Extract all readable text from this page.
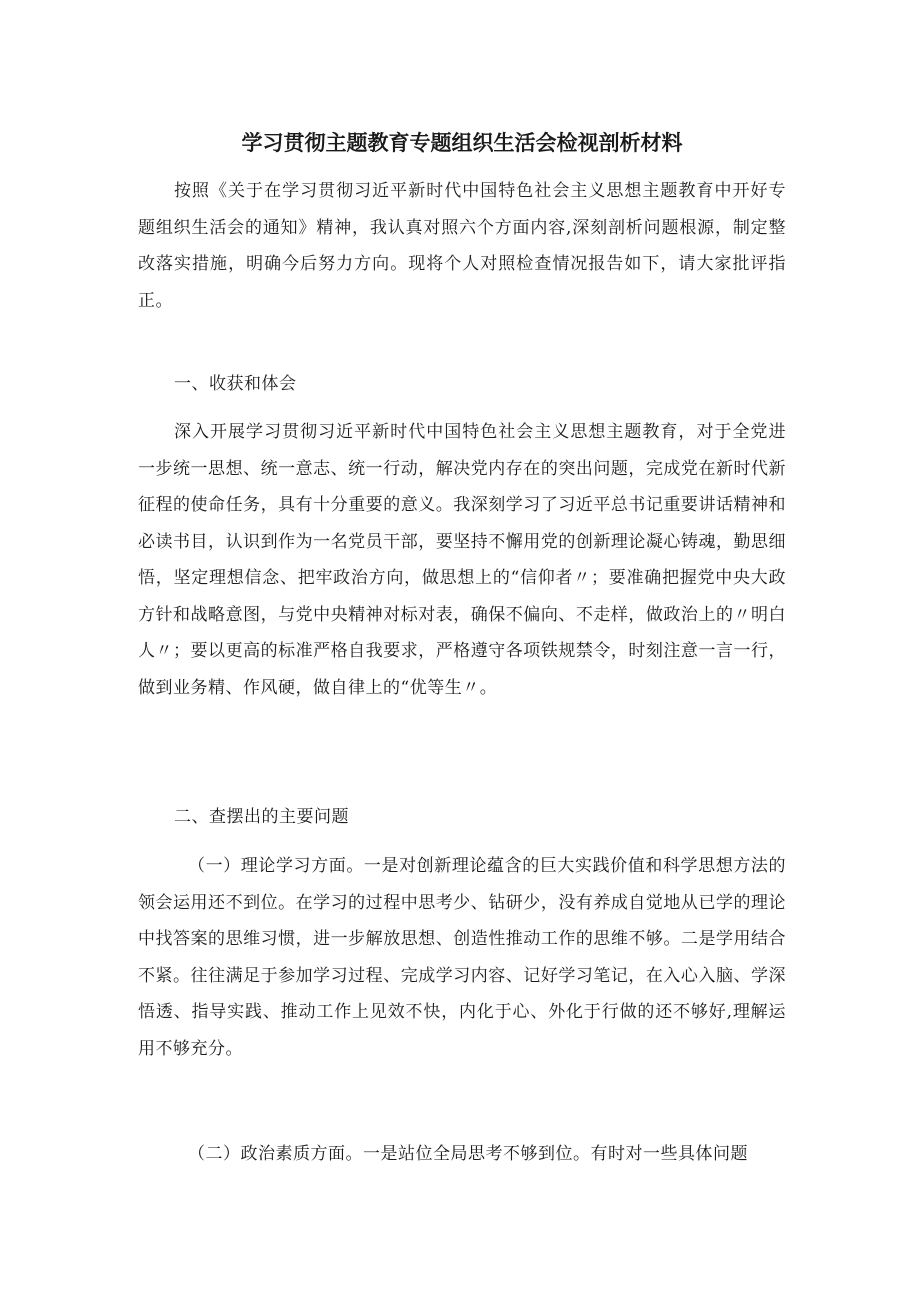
学习贯彻主题教育专题组织生活会检视剖析材料

按照《关于在学习贯彻习近平新时代中国特色社会主义思想主题教育中开好专题组织生活会的通知》精神，我认真对照六个方面内容,深刻剖析问题根源，制定整改落实措施，明确今后努力方向。现将个人对照检查情况报告如下，请大家批评指正。

一、收获和体会

深入开展学习贯彻习近平新时代中国特色社会主义思想主题教育，对于全党进一步统一思想、统一意志、统一行动，解决党内存在的突出问题，完成党在新时代新征程的使命任务，具有十分重要的意义。我深刻学习了习近平总书记重要讲话精神和必读书目，认识到作为一名党员干部，要坚持不懈用党的创新理论凝心铸魂，勤思细悟，坚定理想信念、把牢政治方向，做思想上的“信仰者〃；要准确把握党中央大政方针和战略意图，与党中央精神对标对表，确保不偏向、不走样，做政治上的〃明白人〃；要以更高的标准严格自我要求，严格遵守各项铁规禁令，时刻注意一言一行，做到业务精、作风硬，做自律上的“优等生〃。

二、查摆出的主要问题

（一）理论学习方面。一是对创新理论蕴含的巨大实践价值和科学思想方法的领会运用还不到位。在学习的过程中思考少、钻研少，没有养成自觉地从已学的理论中找答案的思维习惯，进一步解放思想、创造性推动工作的思维不够。二是学用结合不紧。往往满足于参加学习过程、完成学习内容、记好学习笔记，在入心入脑、学深悟透、指导实践、推动工作上见效不快，内化于心、外化于行做的还不够好,理解运用不够充分。

（二）政治素质方面。一是站位全局思考不够到位。有时对一些具体问题
